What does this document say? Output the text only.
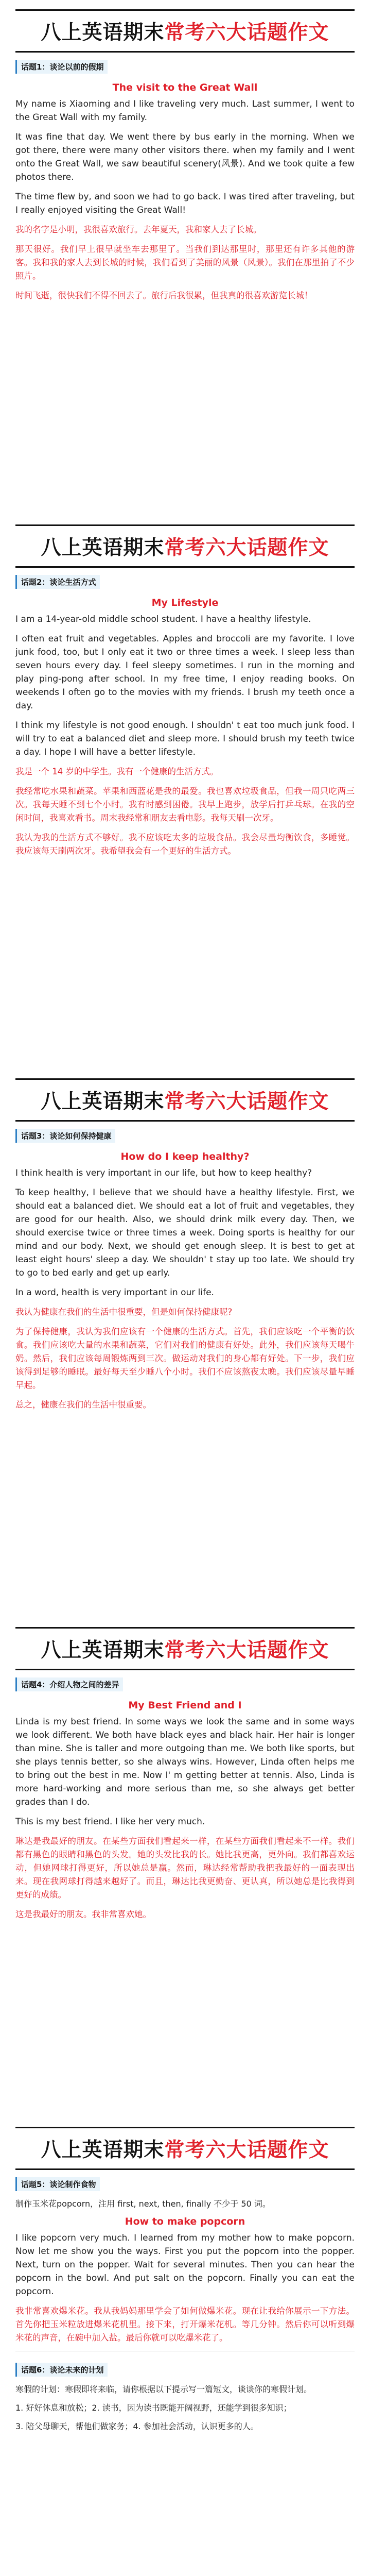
八上英语期末 常考六大话题作文
话题1：谈论以前的假期
The visit to the Great Wall

My name is Xiaoming and I like traveling very much. Last summer, I went to the Great Wall with my family.

It was fine that day. We went there by bus early in the morning. When we got there, there were many other visitors there. when my family and I went onto the Great Wall, we saw beautiful scenery(风景). And we took quite a few photos there.

The time flew by, and soon we had to go back. I was tired after traveling, but I really enjoyed visiting the Great Wall!

我的名字是小明，我很喜欢旅行。去年夏天，我和家人去了长城。

那天很好。我们早上很早就坐车去那里了。当我们到达那里时，那里还有许多其他的游客。我和我的家人去到长城的时候，我们看到了美丽的风景（风景）。我们在那里拍了不少照片。

时间飞逝，很快我们不得不回去了。旅行后我很累，但我真的很喜欢游览长城！

八上英语期末 常考六大话题作文
话题2：谈论生活方式
My Lifestyle

I am a 14-year-old middle school student. I have a healthy lifestyle.

I often eat fruit and vegetables. Apples and broccoli are my favorite. I love junk food, too, but I only eat it two or three times a week. I sleep less than seven hours every day. I feel sleepy sometimes. I run in the morning and play ping-pong after school. In my free time, I enjoy reading books. On weekends I often go to the movies with my friends. I brush my teeth once a day.

I think my lifestyle is not good enough. I shouldn' t eat too much junk food. I will try to eat a balanced diet and sleep more. I should brush my teeth twice a day. I hope I will have a better lifestyle.

我是一个 14 岁的中学生。我有一个健康的生活方式。

我经常吃水果和蔬菜。苹果和西蓝花是我的最爱。我也喜欢垃圾食品，但我一周只吃两三次。我每天睡不到七个小时。我有时感到困倦。我早上跑步，放学后打乒乓球。在我的空闲时间，我喜欢看书。周末我经常和朋友去看电影。我每天刷一次牙。

我认为我的生活方式不够好。我不应该吃太多的垃圾食品。我会尽量均衡饮食，多睡觉。我应该每天刷两次牙。我希望我会有一个更好的生活方式。

八上英语期末 常考六大话题作文
话题3：谈论如何保持健康
How do I keep healthy?

I think health is very important in our life, but how to keep healthy?

To keep healthy, I believe that we should have a healthy lifestyle. First, we should eat a balanced diet. We should eat a lot of fruit and vegetables, they are good for our health. Also, we should drink milk every day. Then, we should exercise twice or three times a week. Doing sports is healthy for our mind and our body. Next, we should get enough sleep. It is best to get at least eight hours' sleep a day. We shouldn' t stay up too late. We should try to go to bed early and get up early.

In a word, health is very important in our life.

我认为健康在我们的生活中很重要，但是如何保持健康呢?

为了保持健康，我认为我们应该有一个健康的生活方式。首先，我们应该吃一个平衡的饮食。我们应该吃大量的水果和蔬菜，它们对我们的健康有好处。此外，我们应该每天喝牛奶。然后，我们应该每周锻炼两到三次。做运动对我们的身心都有好处。下一步，我们应该得到足够的睡眠。最好每天至少睡八个小时。我们不应该熬夜太晚。我们应该尽量早睡早起。

总之，健康在我们的生活中很重要。

八上英语期末 常考六大话题作文
话题4：介绍人物之间的差异
My Best Friend and I

Linda is my best friend. In some ways we look the same and in some ways we look different. We both have black eyes and black hair. Her hair is longer than mine. She is taller and more outgoing than me. We both like sports, but she plays tennis better, so she always wins. However, Linda often helps me to bring out the best in me. Now I' m getting better at tennis. Also, Linda is more hard-working and more serious than me, so she always get better grades than I do.

This is my best friend. I like her very much.

琳达是我最好的朋友。在某些方面我们看起来一样，在某些方面我们看起来不一样。我们都有黑色的眼睛和黑色的头发。她的头发比我的长。她比我更高，更外向。我们都喜欢运动，但她网球打得更好，所以她总是赢。然而，琳达经常帮助我把我最好的一面表现出来。现在我网球打得越来越好了。而且，琳达比我更勤奋、更认真，所以她总是比我得到更好的成绩。

这是我最好的朋友。我非常喜欢她。

八上英语期末 常考六大话题作文
话题5：谈论制作食物
制作玉米花popcorn，注用 first, next, then, finally 不少于 50 词。
How to make popcorn

I like popcorn very much. I learned from my mother how to make popcorn. Now let me show you the ways. First you put the popcorn into the popper. Next, turn on the popper. Wait for several minutes. Then you can hear the popcorn in the bowl. And put salt on the popcorn. Finally you can eat the popcorn.

我非常喜欢爆米花。我从我妈妈那里学会了如何做爆米花。现在让我给你展示一下方法。首先你把玉米粒放进爆米花机里。接下来，打开爆米花机。等几分钟。然后你可以听到爆米花的声音，在碗中加入盐。最后你就可以吃爆米花了。

话题6：谈论未来的计划
寒假的计划：寒假即将来临，请你根据以下提示写一篇短文，谈谈你的寒假计划。
1. 好好休息和放松；2. 读书，因为读书既能开阔视野，还能学到很多知识；
3. 陪父母聊天，帮他们做家务；4. 参加社会活动，认识更多的人。
